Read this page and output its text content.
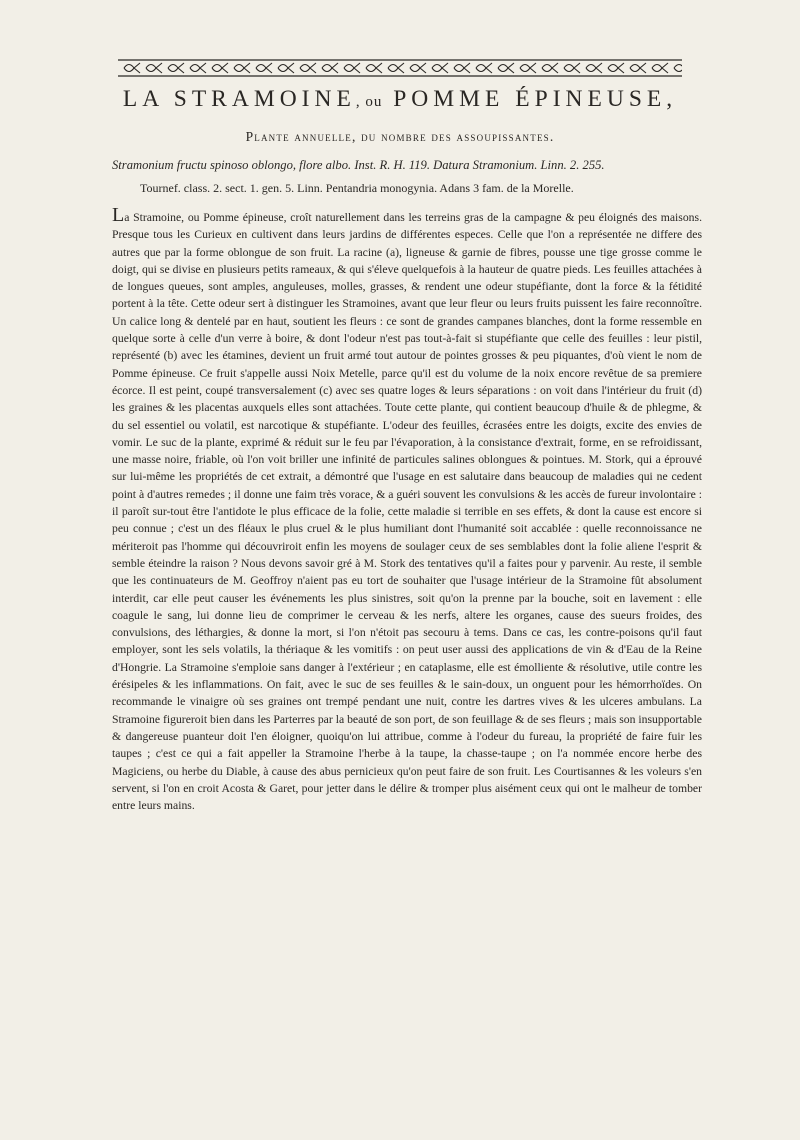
LA STRAMOINE, ou POMME ÉPINEUSE,
Plante annuelle, du nombre des assoupissantes.
Stramonium fructu spinoso oblongo, flore albo. Inst. R. H. 119. Datura Stramonium. Linn. 2. 255.
Tournef. class. 2. sect. 1. gen. 5. Linn. Pentandria monogynia. Adans 3 fam. de la Morelle.

La Stramoine, ou Pomme épineuse, croît naturellement dans les terreins gras de la campagne & peu éloignés des maisons. Presque tous les Curieux en cultivent dans leurs jardins de différentes especes. Celle que l'on a représentée ne differe des autres que par la forme oblongue de son fruit. La racine (a), ligneuse & garnie de fibres, pousse une tige grosse comme le doigt, qui se divise en plusieurs petits rameaux, & qui s'éleve quelquefois à la hauteur de quatre pieds. Les feuilles attachées à de longues queues, sont amples, anguleuses, molles, grasses, & rendent une odeur stupéfiante, dont la force & la fétidité portent à la tête. Cette odeur sert à distinguer les Stramoines, avant que leur fleur ou leurs fruits puissent les faire reconnoître. Un calice long & dentelé par en haut, soutient les fleurs : ce sont de grandes campanes blanches, dont la forme ressemble en quelque sorte à celle d'un verre à boire, & dont l'odeur n'est pas tout-à-fait si stupéfiante que celle des feuilles : leur pistil, représenté (b) avec les étamines, devient un fruit armé tout autour de pointes grosses & peu piquantes, d'où vient le nom de Pomme épineuse. Ce fruit s'appelle aussi Noix Metelle, parce qu'il est du volume de la noix encore revêtue de sa premiere écorce. Il est peint, coupé transversalement (c) avec ses quatre loges & leurs séparations : on voit dans l'intérieur du fruit (d) les graines & les placentas auxquels elles sont attachées. Toute cette plante, qui contient beaucoup d'huile & de phlegme, & du sel essentiel ou volatil, est narcotique & stupéfiante. L'odeur des feuilles, écrasées entre les doigts, excite des envies de vomir. Le suc de la plante, exprimé & réduit sur le feu par l'évaporation, à la consistance d'extrait, forme, en se refroidissant, une masse noire, friable, où l'on voit briller une infinité de particules salines oblongues & pointues. M. Stork, qui a éprouvé sur lui-même les propriétés de cet extrait, a démontré que l'usage en est salutaire dans beaucoup de maladies qui ne cedent point à d'autres remedes ; il donne une faim très vorace, & a guéri souvent les convulsions & les accès de fureur involontaire : il paroît sur-tout être l'antidote le plus efficace de la folie, cette maladie si terrible en ses effets, & dont la cause est encore si peu connue ; c'est un des fléaux le plus cruel & le plus humiliant dont l'humanité soit accablée : quelle reconnoissance ne mériteroit pas l'homme qui découvriroit enfin les moyens de soulager ceux de ses semblables dont la folie aliene l'esprit & semble éteindre la raison ? Nous devons savoir gré à M. Stork des tentatives qu'il a faites pour y parvenir. Au reste, il semble que les continuateurs de M. Geoffroy n'aient pas eu tort de souhaiter que l'usage intérieur de la Stramoine fût absolument interdit, car elle peut causer les événements les plus sinistres, soit qu'on la prenne par la bouche, soit en lavement : elle coagule le sang, lui donne lieu de comprimer le cerveau & les nerfs, altere les organes, cause des sueurs froides, des convulsions, des léthargies, & donne la mort, si l'on n'étoit pas secouru à tems. Dans ce cas, les contre-poisons qu'il faut employer, sont les sels volatils, la thériaque & les vomitifs : on peut user aussi des applications de vin & d'Eau de la Reine d'Hongrie. La Stramoine s'emploie sans danger à l'extérieur ; en cataplasme, elle est émolliente & résolutive, utile contre les érésipeles & les inflammations. On fait, avec le suc de ses feuilles & le sain-doux, un onguent pour les hémorrhoïdes. On recommande le vinaigre où ses graines ont trempé pendant une nuit, contre les dartres vives & les ulceres ambulans. La Stramoine figureroit bien dans les Parterres par la beauté de son port, de son feuillage & de ses fleurs ; mais son insupportable & dangereuse puanteur doit l'en éloigner, quoiqu'on lui attribue, comme à l'odeur du fureau, la propriété de faire fuir les taupes ; c'est ce qui a fait appeller la Stramoine l'herbe à la taupe, la chasse-taupe ; on l'a nommée encore herbe des Magiciens, ou herbe du Diable, à cause des abus pernicieux qu'on peut faire de son fruit. Les Courtisannes & les voleurs s'en servent, si l'on en croit Acosta & Garet, pour jetter dans le délire & tromper plus aisément ceux qui ont le malheur de tomber entre leurs mains.
